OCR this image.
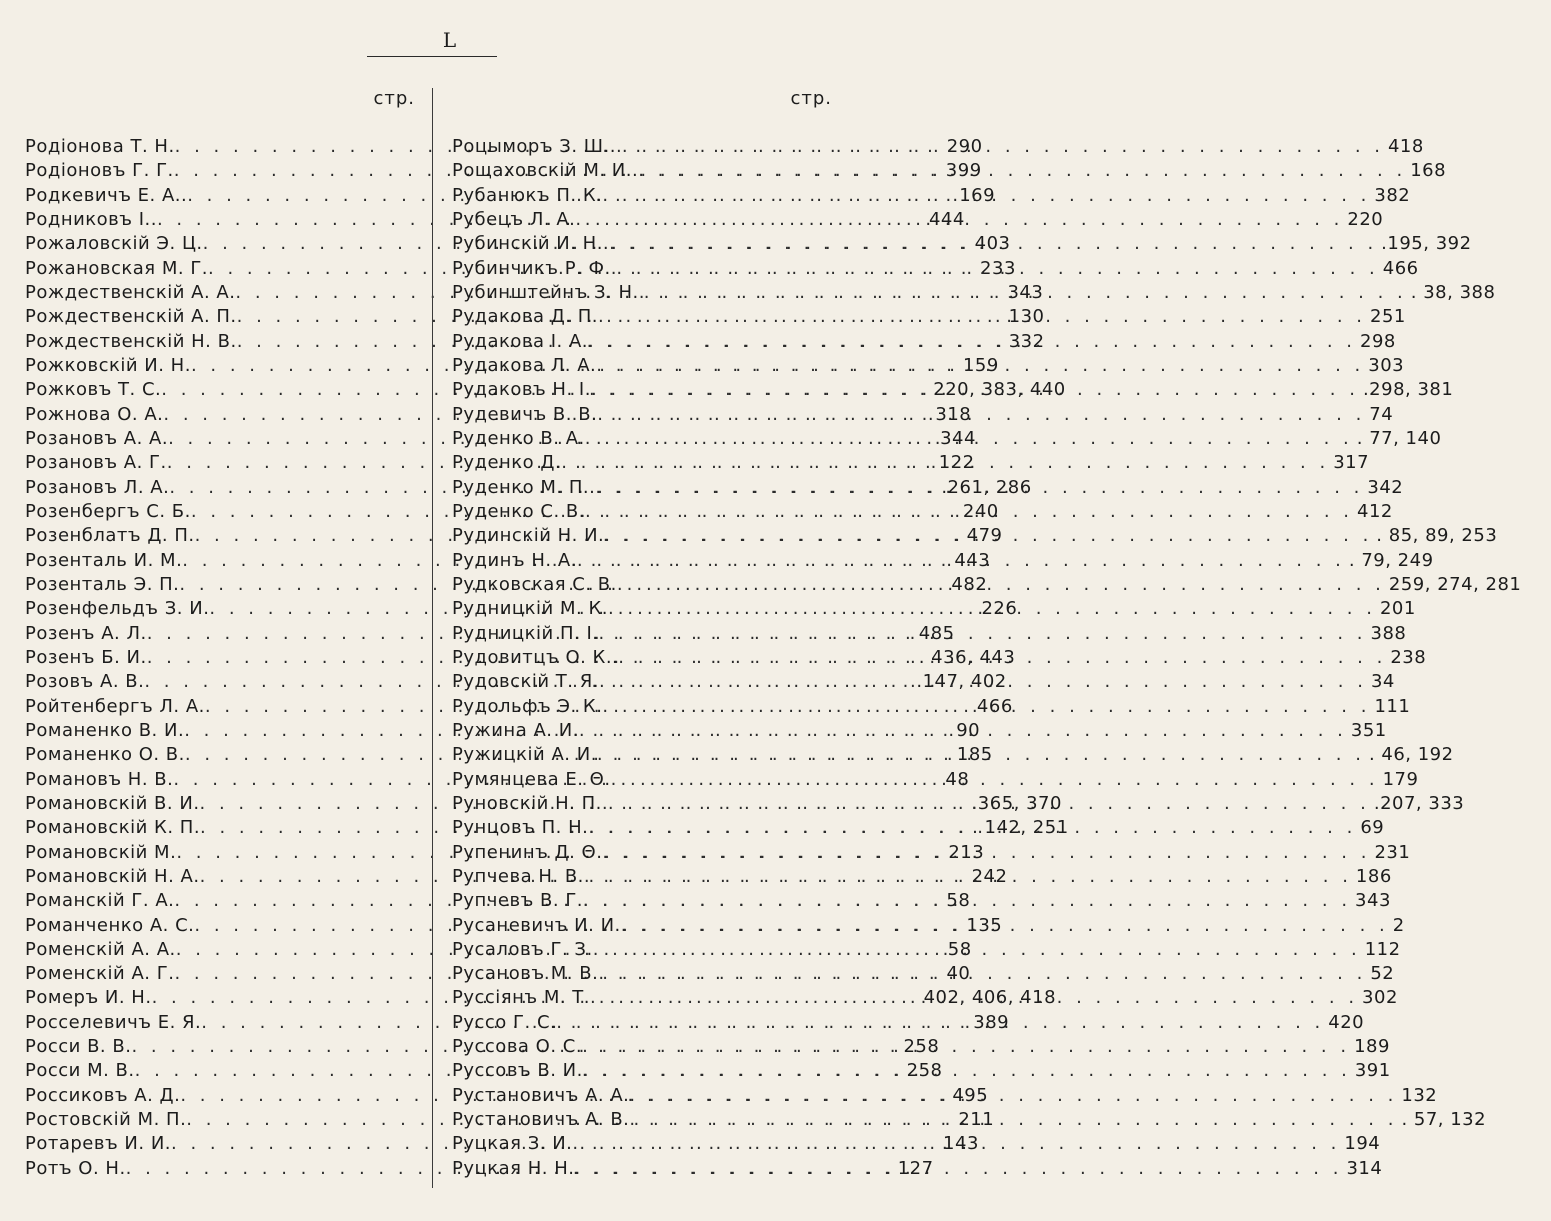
L
стр.
Родіонова Т. Н. . . .	290
Родіоновъ Г. Г. . . .	399
Родкевичъ Е. А.. . . .	169
Родниковъ І.. . . .	444
Рожаловскій Э. Ц. . . .	403
Рожановская М. Г. . . .	233
Рождественскій А. А. . . .	343
Рождественскій А. П. . . .	130
Рождественскій Н. В. . . .	332
Рожковскій И. Н. . . .	159
Рожковъ Т. С. . . .	220, 383, 440
Рожнова О. А. . . .	318
Розановъ А. А. . . .	344
Розановъ А. Г. . . .	122
Розановъ Л. А. . . .	.261, 286
Розенбергъ С. Б. . . .	240
Розенблатъ Д. П. . . .	479
Розенталь И. М. . . .	443
Розенталь Э. П. . . .	482
Розенфельдъ З. И. . . .	226
Розенъ А. Л. . . .	485
Розенъ Б. И. . . .	. 436, 443
Розовъ А. В. . . .	.147, 402
Ройтенбергъ Л. А. . . .	466
Романенко В. И. . . .	90
Романенко О. В. . . .	185
Романовъ Н. В. . . .	48
Романовскій В. И. . . .	.365, 370
Романовскій К. П. . . .	. 142, 251
Романовскій М. . . .	213
Романовскій Н. А. . . .	242
Романскій Г. А. . . .	58
Романченко А. С. . . .	135
Роменскій А. А. . . .	58
Роменскій А. Г. . . .	40
Ромеръ И. Н. . . .	402, 406, 418
Росселевичъ Е. Я. . . .	389
Росси В. В. . . .	258
Росси М. В. . . .	258
Россиковъ А. Д. . . .	495
Ростовскій М. П. . . .	211
Ротаревъ И. И. . . .	143
Ротъ О. Н. . . .	127
стр.
Роцыморъ З. Ш.. . . .	418
Рощаховскій М. И.. . . .	168
Рубанюкъ П. К. . . .	382
Рубецъ Л. А. . . .	220
Рубинскій И. Н.. . . .	.195, 392
Рубинчикъ Р. Ф. . . .	466
Рубинштейнъ З. Н. . . .	. 38, 388
Рудакова Д. П. . . .	251
Рудакова І. А. . . .	298
Рудакова Л. А. . . .	303
Рудаковъ Н. І. . . .	.298, 381
Рудевичъ В. В. . . .	74
Руденко В. А. . . .	. 77, 140
Руденко Д. . . .	317
Руденко М. П.. . . .	342
Руденко С. В. . . .	412
Рудинскій Н. И. . . .	. 85, 89, 253
Рудинъ Н. А. . . .	. 79, 249
Рудковская С. В. . . .	259, 274, 281
Рудницкій М. К. . . .	201
Рудницкій П. І. . . .	388
Рудовитцъ О. К.. . . .	238
Рудовскій Т. Я. . . .	34
Рудольфъ Э. К. . . .	111
Ружина А. И. . . .	351
Ружицкій А. И. . . .	. 46, 192
Румянцева Е. Θ. . . .	179
Руновскій Н. П. . . .	.207, 333
Рунцовъ П. Н. . . .	69
Рупенинъ Д. Θ. . . .	231
Рупчева Н. В. . . .	186
Рупчевъ В. Г. . . .	343
Русаневичъ И. И. . . .	2
Русаловъ Г. З. . . .	112
Русановъ М. В. . . .	52
Руссіянъ М. Т. . . .	302
Руссо Г. С. . . .	420
Руссова О. С. . . .	189
Руссовъ В. И. . . .	391
Рустановичъ А. А. . . .	132
Рустановичъ А. В. . . .	. 57, 132
Руцкая З. И. . . .	194
Руцкая Н. Н. . . .	314
